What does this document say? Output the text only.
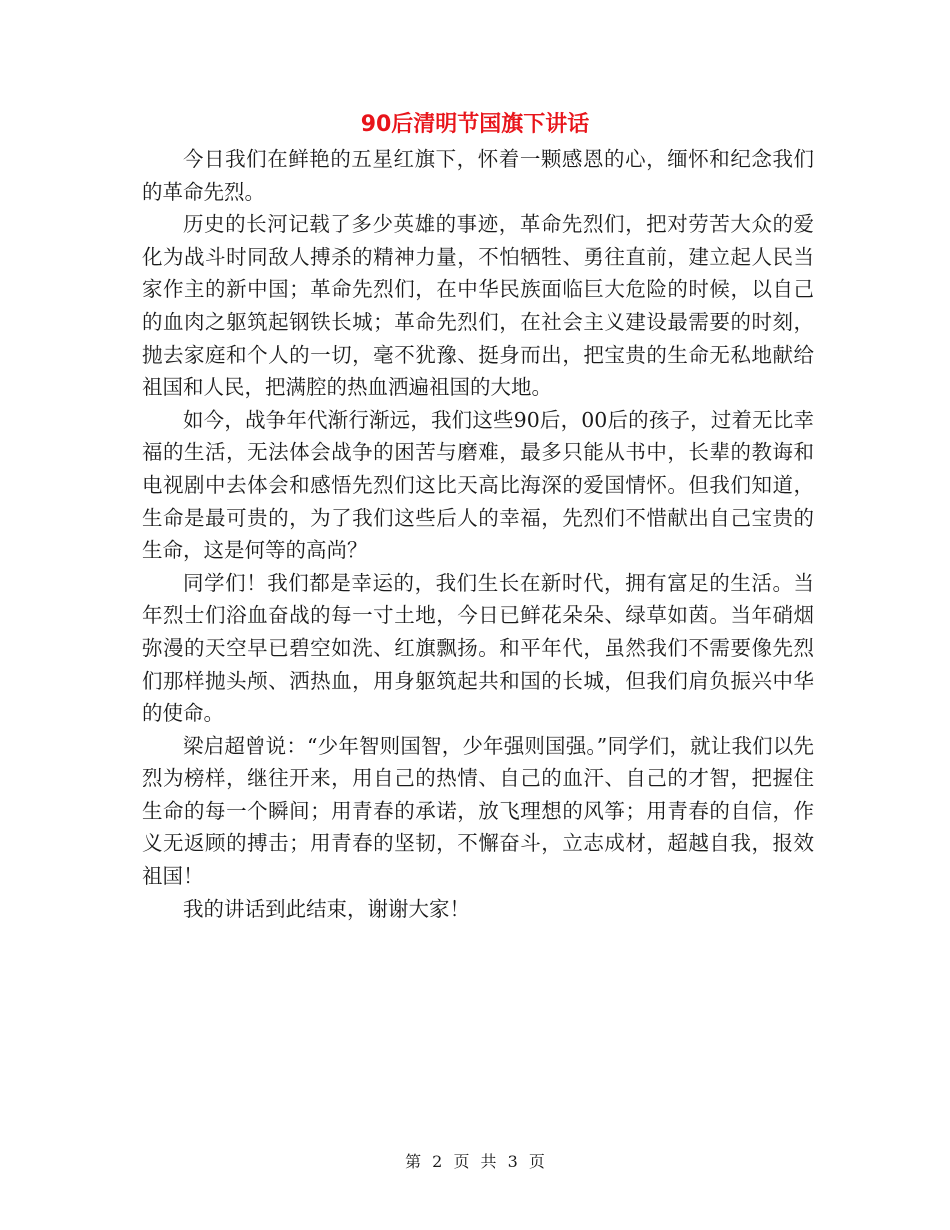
90后清明节国旗下讲话

今日我们在鲜艳的五星红旗下，怀着一颗感恩的心，缅怀和纪念我们的革命先烈。

历史的长河记载了多少英雄的事迹，革命先烈们，把对劳苦大众的爱化为战斗时同敌人搏杀的精神力量，不怕牺牲、勇往直前，建立起人民当家作主的新中国；革命先烈们，在中华民族面临巨大危险的时候，以自己的血肉之躯筑起钢铁长城；革命先烈们，在社会主义建设最需要的时刻，抛去家庭和个人的一切，毫不犹豫、挺身而出，把宝贵的生命无私地献给祖国和人民，把满腔的热血洒遍祖国的大地。

如今，战争年代渐行渐远，我们这些90后，00后的孩子，过着无比幸福的生活，无法体会战争的困苦与磨难，最多只能从书中，长辈的教诲和电视剧中去体会和感悟先烈们这比天高比海深的爱国情怀。但我们知道，生命是最可贵的，为了我们这些后人的幸福，先烈们不惜献出自己宝贵的生命，这是何等的高尚？

同学们！我们都是幸运的，我们生长在新时代，拥有富足的生活。当年烈士们浴血奋战的每一寸土地，今日已鲜花朵朵、绿草如茵。当年硝烟弥漫的天空早已碧空如洗、红旗飘扬。和平年代，虽然我们不需要像先烈们那样抛头颅、洒热血，用身躯筑起共和国的长城，但我们肩负振兴中华的使命。

梁启超曾说：“少年智则国智，少年强则国强。”同学们，就让我们以先烈为榜样，继往开来，用自己的热情、自己的血汗、自己的才智，把握住生命的每一个瞬间；用青春的承诺，放飞理想的风筝；用青春的自信，作义无返顾的搏击；用青春的坚韧，不懈奋斗，立志成材，超越自我，报效祖国！

我的讲话到此结束，谢谢大家！

第 2 页 共 3 页
